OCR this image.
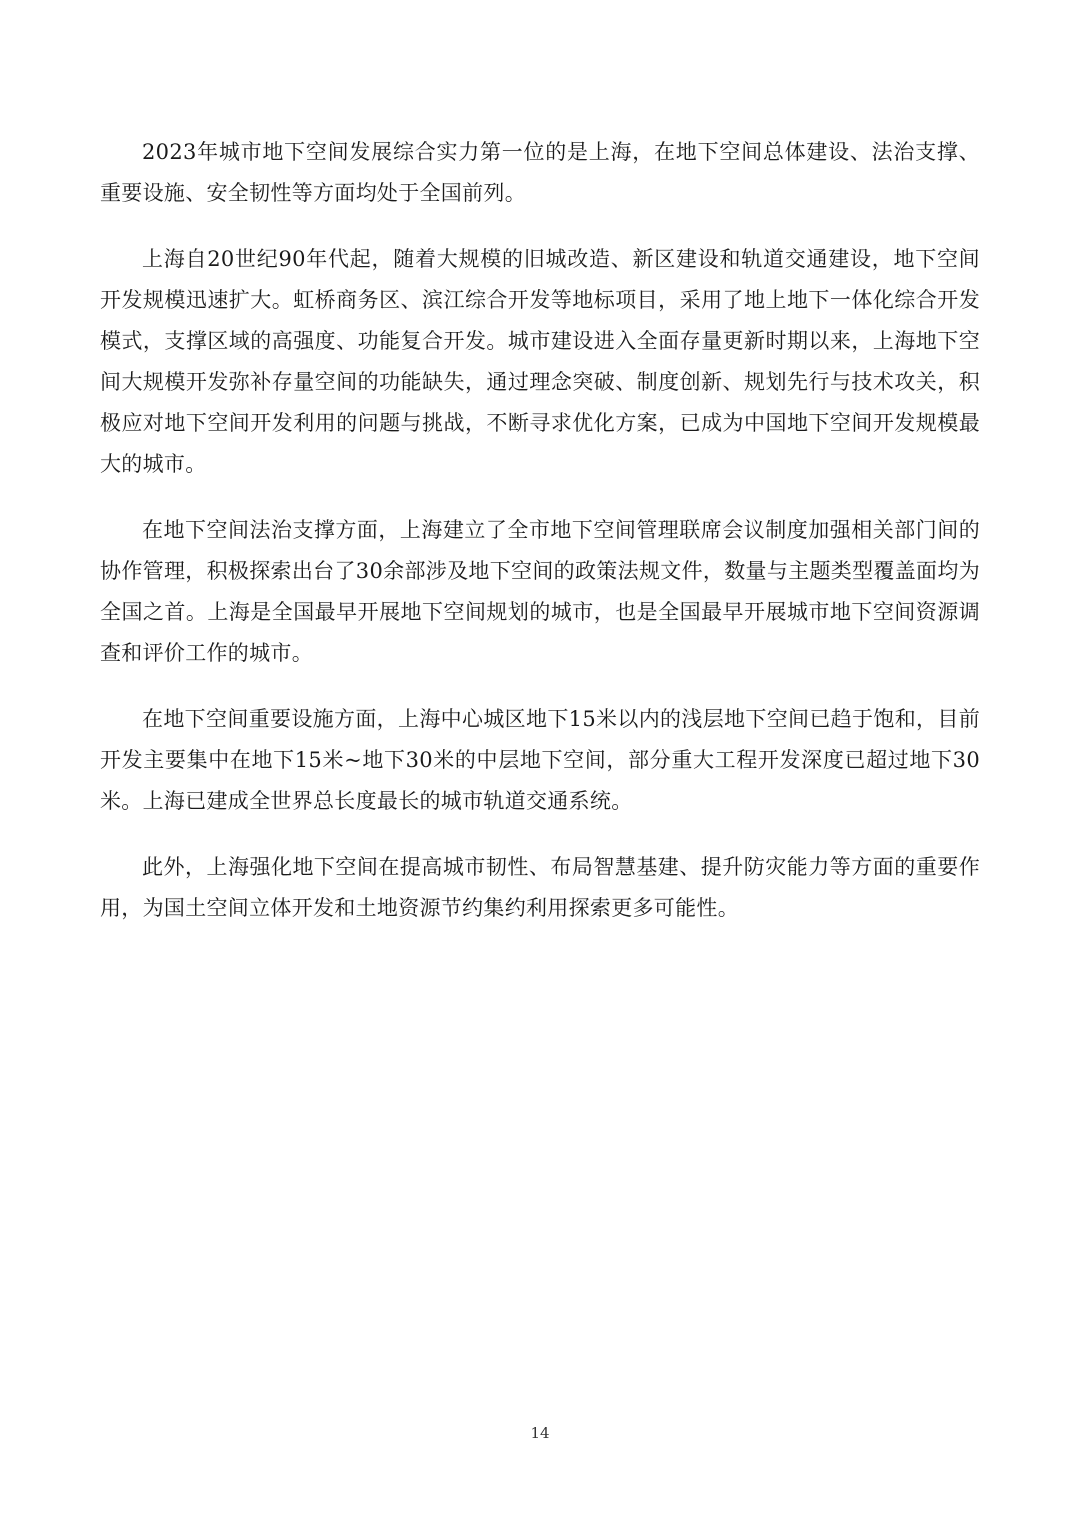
2023年城市地下空间发展综合实力第一位的是上海，在地下空间总体建设、法治支撑、重要设施、安全韧性等方面均处于全国前列。

上海自20世纪90年代起，随着大规模的旧城改造、新区建设和轨道交通建设，地下空间开发规模迅速扩大。虹桥商务区、滨江综合开发等地标项目，采用了地上地下一体化综合开发模式，支撑区域的高强度、功能复合开发。城市建设进入全面存量更新时期以来，上海地下空间大规模开发弥补存量空间的功能缺失，通过理念突破、制度创新、规划先行与技术攻关，积极应对地下空间开发利用的问题与挑战，不断寻求优化方案，已成为中国地下空间开发规模最大的城市。

在地下空间法治支撑方面，上海建立了全市地下空间管理联席会议制度加强相关部门间的协作管理，积极探索出台了30余部涉及地下空间的政策法规文件，数量与主题类型覆盖面均为全国之首。上海是全国最早开展地下空间规划的城市，也是全国最早开展城市地下空间资源调查和评价工作的城市。

在地下空间重要设施方面，上海中心城区地下15米以内的浅层地下空间已趋于饱和，目前开发主要集中在地下15米~地下30米的中层地下空间，部分重大工程开发深度已超过地下30米。上海已建成全世界总长度最长的城市轨道交通系统。

此外，上海强化地下空间在提高城市韧性、布局智慧基建、提升防灾能力等方面的重要作用，为国土空间立体开发和土地资源节约集约利用探索更多可能性。

14
